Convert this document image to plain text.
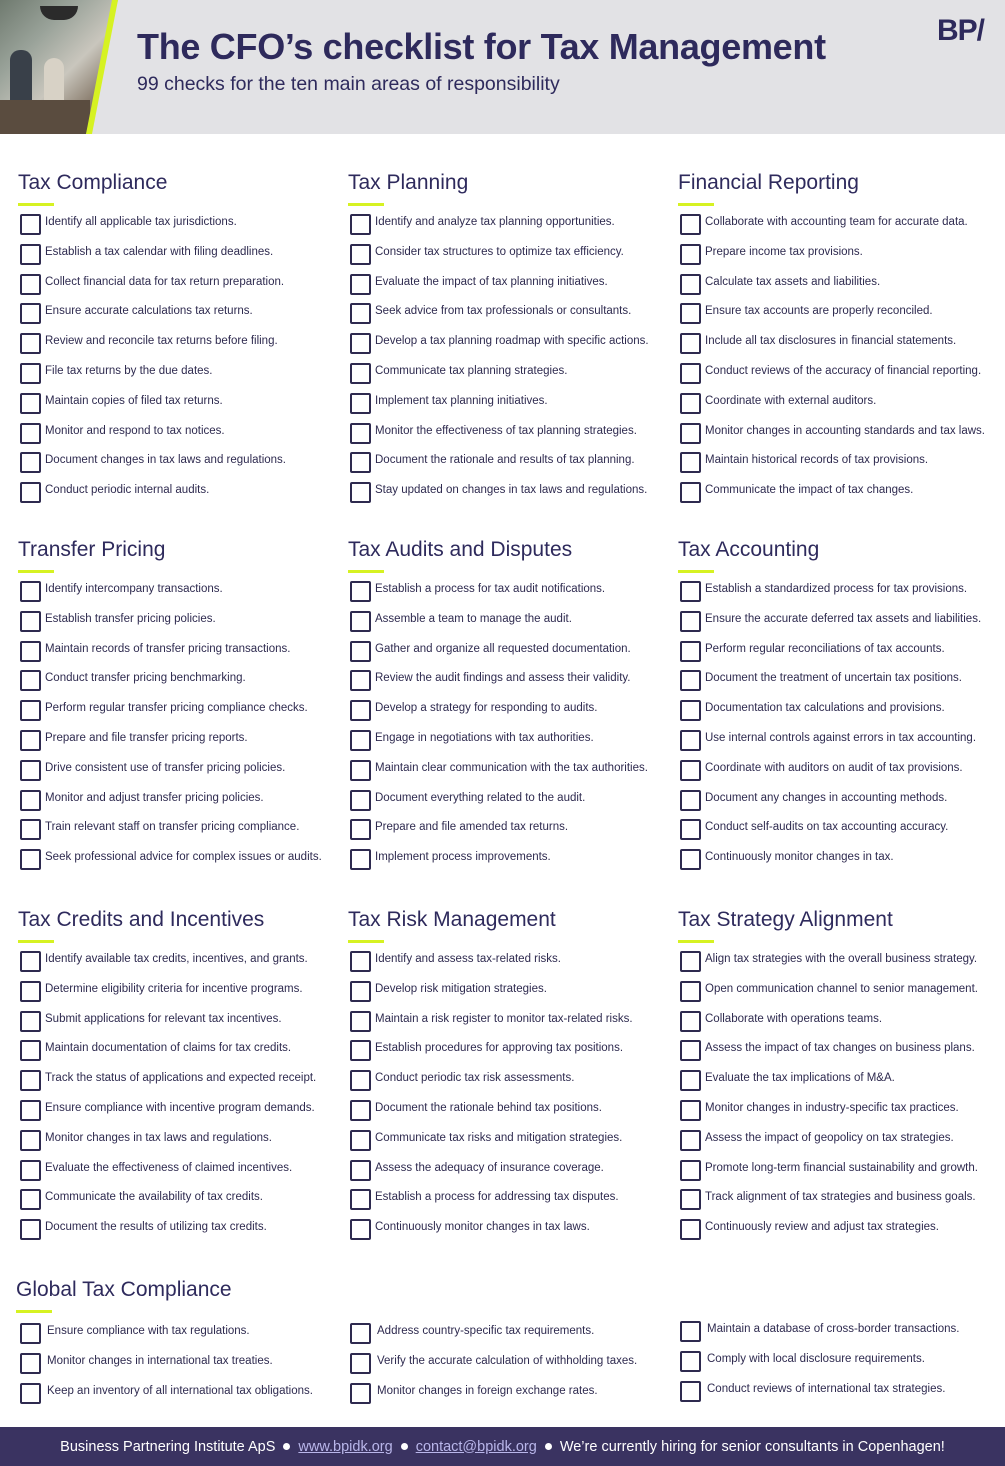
The CFO’s checklist for Tax Management
99 checks for the ten main areas of responsibility
BP/
Tax Compliance
Identify all applicable tax jurisdictions.
Establish a tax calendar with filing deadlines.
Collect financial data for tax return preparation.
Ensure accurate calculations tax returns.
Review and reconcile tax returns before filing.
File tax returns by the due dates.
Maintain copies of filed tax returns.
Monitor and respond to tax notices.
Document changes in tax laws and regulations.
Conduct periodic internal audits.
Tax Planning
Identify and analyze tax planning opportunities.
Consider tax structures to optimize tax efficiency.
Evaluate the impact of tax planning initiatives.
Seek advice from tax professionals or consultants.
Develop a tax planning roadmap with specific actions.
Communicate tax planning strategies.
Implement tax planning initiatives.
Monitor the effectiveness of tax planning strategies.
Document the rationale and results of tax planning.
Stay updated on changes in tax laws and regulations.
Financial Reporting
Collaborate with accounting team for accurate data.
Prepare income tax provisions.
Calculate tax assets and liabilities.
Ensure tax accounts are properly reconciled.
Include all tax disclosures in financial statements.
Conduct reviews of the accuracy of financial reporting.
Coordinate with external auditors.
Monitor changes in accounting standards and tax laws.
Maintain historical records of tax provisions.
Communicate the impact of tax changes.
Transfer Pricing
Identify intercompany transactions.
Establish transfer pricing policies.
Maintain records of transfer pricing transactions.
Conduct transfer pricing benchmarking.
Perform regular transfer pricing compliance checks.
Prepare and file transfer pricing reports.
Drive consistent use of transfer pricing policies.
Monitor and adjust transfer pricing policies.
Train relevant staff on transfer pricing compliance.
Seek professional advice for complex issues or audits.
Tax Audits and Disputes
Establish a process for tax audit notifications.
Assemble a team to manage the audit.
Gather and organize all requested documentation.
Review the audit findings and assess their validity.
Develop a strategy for responding to audits.
Engage in negotiations with tax authorities.
Maintain clear communication with the tax authorities.
Document everything related to the audit.
Prepare and file amended tax returns.
Implement process improvements.
Tax Accounting
Establish a standardized process for tax provisions.
Ensure the accurate deferred tax assets and liabilities.
Perform regular reconciliations of tax accounts.
Document the treatment of uncertain tax positions.
Documentation tax calculations and provisions.
Use internal controls against errors in tax accounting.
Coordinate with auditors on audit of tax provisions.
Document any changes in accounting methods.
Conduct self-audits on tax accounting accuracy.
Continuously monitor changes in tax.
Tax Credits and Incentives
Identify available tax credits, incentives, and grants.
Determine eligibility criteria for incentive programs.
Submit applications for relevant tax incentives.
Maintain documentation of claims for tax credits.
Track the status of applications and expected receipt.
Ensure compliance with incentive program demands.
Monitor changes in tax laws and regulations.
Evaluate the effectiveness of claimed incentives.
Communicate the availability of tax credits.
Document the results of utilizing tax credits.
Tax Risk Management
Identify and assess tax-related risks.
Develop risk mitigation strategies.
Maintain a risk register to monitor tax-related risks.
Establish procedures for approving tax positions.
Conduct periodic tax risk assessments.
Document the rationale behind tax positions.
Communicate tax risks and mitigation strategies.
Assess the adequacy of insurance coverage.
Establish a process for addressing tax disputes.
Continuously monitor changes in tax laws.
Tax Strategy Alignment
Align tax strategies with the overall business strategy.
Open communication channel to senior management.
Collaborate with operations teams.
Assess the impact of tax changes on business plans.
Evaluate the tax implications of M&A.
Monitor changes in industry-specific tax practices.
Assess the impact of geopolicy on tax strategies.
Promote long-term financial sustainability and growth.
Track alignment of tax strategies and business goals.
Continuously review and adjust tax strategies.
Global Tax Compliance
Ensure compliance with tax regulations.
Monitor changes in international tax treaties.
Keep an inventory of all international tax obligations.
Address country-specific tax requirements.
Verify the accurate calculation of withholding taxes.
Monitor changes in foreign exchange rates.
Maintain a database of cross-border transactions.
Comply with local disclosure requirements.
Conduct reviews of international tax strategies.
Business Partnering Institute ApS www.bpidk.org contact@bpidk.org We’re currently hiring for senior consultants in Copenhagen!
